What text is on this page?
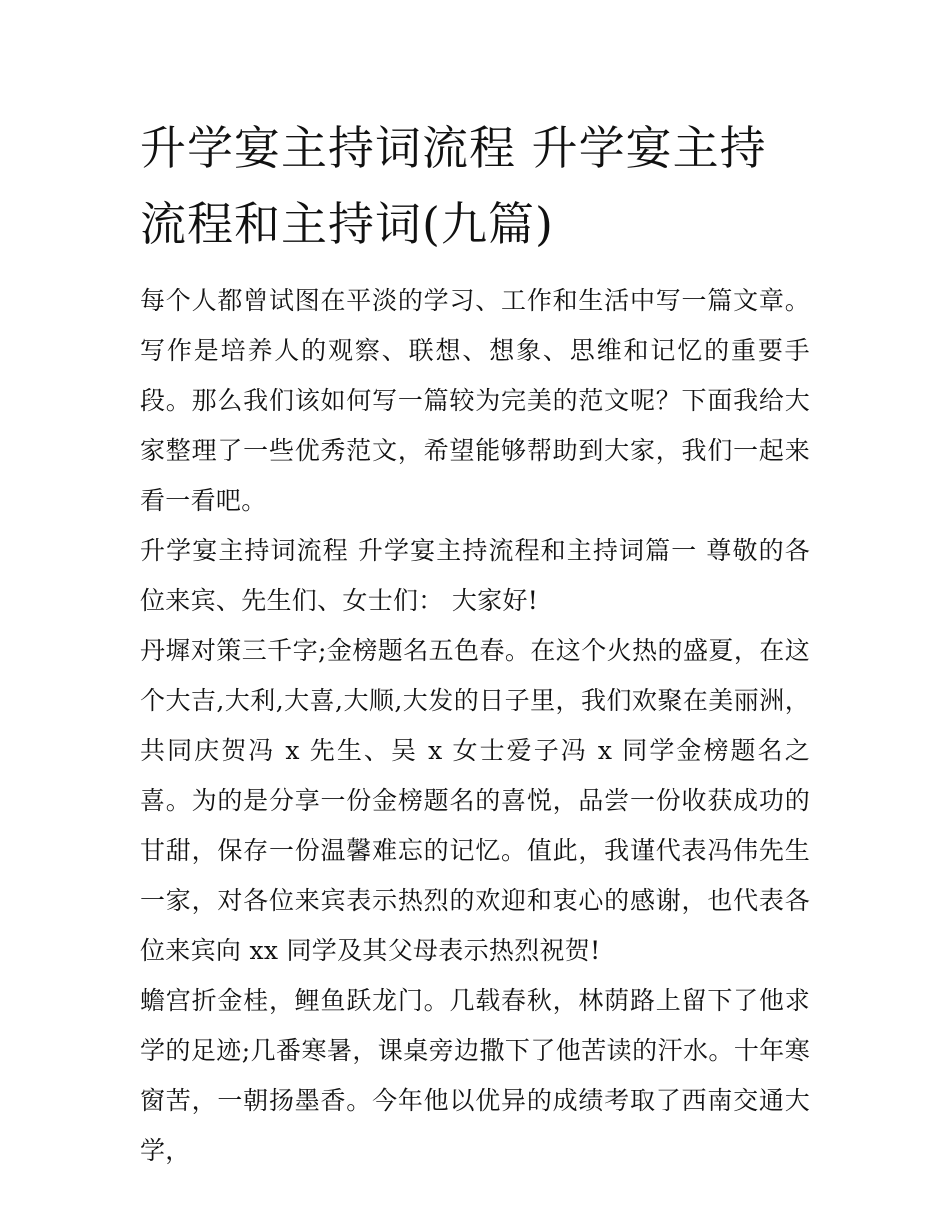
升学宴主持词流程 升学宴主持流程和主持词(九篇)

每个人都曾试图在平淡的学习、工作和生活中写一篇文章。写作是培养人的观察、联想、想象、思维和记忆的重要手段。那么我们该如何写一篇较为完美的范文呢？下面我给大家整理了一些优秀范文，希望能够帮助到大家，我们一起来看一看吧。

升学宴主持词流程 升学宴主持流程和主持词篇一 尊敬的各位来宾、先生们、女士们： 大家好!

丹墀对策三千字;金榜题名五色春。在这个火热的盛夏，在这个大吉,大利,大喜,大顺,大发的日子里，我们欢聚在美丽洲，共同庆贺冯 x 先生、吴 x 女士爱子冯 x 同学金榜题名之喜。为的是分享一份金榜题名的喜悦，品尝一份收获成功的甘甜，保存一份温馨难忘的记忆。值此，我谨代表冯伟先生一家，对各位来宾表示热烈的欢迎和衷心的感谢，也代表各位来宾向 xx 同学及其父母表示热烈祝贺!

蟾宫折金桂，鲤鱼跃龙门。几载春秋，林荫路上留下了他求学的足迹;几番寒暑，课桌旁边撒下了他苦读的汗水。十年寒窗苦，一朝扬墨香。今年他以优异的成绩考取了西南交通大学，
